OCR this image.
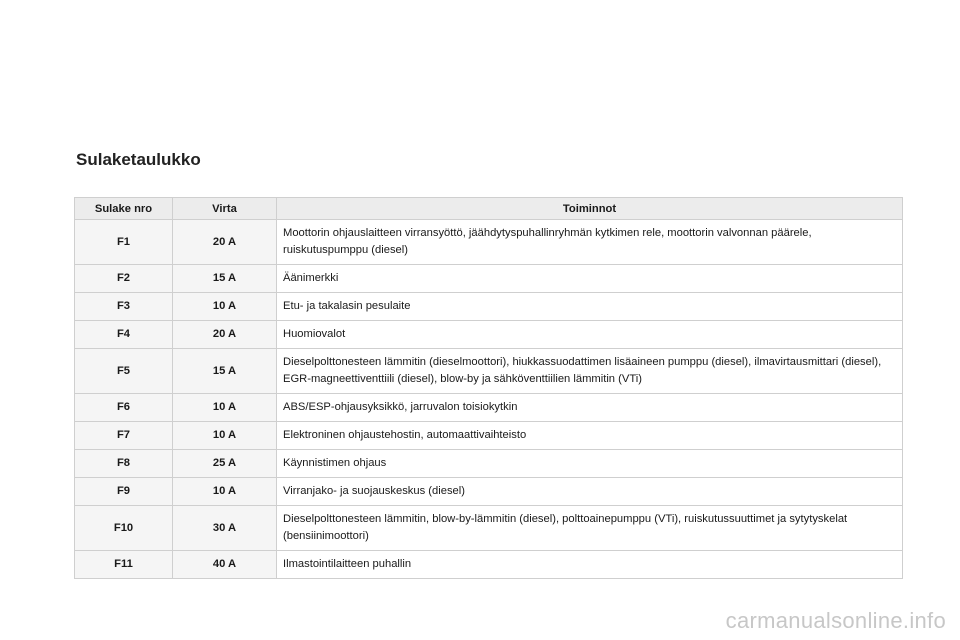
Sulaketaulukko
Sulake nro	Virta	Toiminnot
F1	20 A	Moottorin ohjauslaitteen virransyöttö, jäähdytyspuhallinryhmän kytkimen rele, moottorin valvonnan päärele, ruiskutuspumppu (diesel)
F2	15 A	Äänimerkki
F3	10 A	Etu- ja takalasin pesulaite
F4	20 A	Huomiovalot
F5	15 A	Dieselpolttonesteen lämmitin (dieselmoottori), hiukkassuodattimen lisäaineen pumppu (diesel), ilmavirtausmittari (diesel), EGR-magneettiventtiili (diesel), blow-by ja sähköventtiilien lämmitin (VTi)
F6	10 A	ABS/ESP-ohjausyksikkö, jarruvalon toisiokytkin
F7	10 A	Elektroninen ohjaustehostin, automaattivaihteisto
F8	25 A	Käynnistimen ohjaus
F9	10 A	Virranjako- ja suojauskeskus (diesel)
F10	30 A	Dieselpolttonesteen lämmitin, blow-by-lämmitin (diesel), polttoainepumppu (VTi), ruiskutussuuttimet ja sytytyskelat (bensiinimoottori)
F11	40 A	Ilmastointilaitteen puhallin
carmanualsonline.info
